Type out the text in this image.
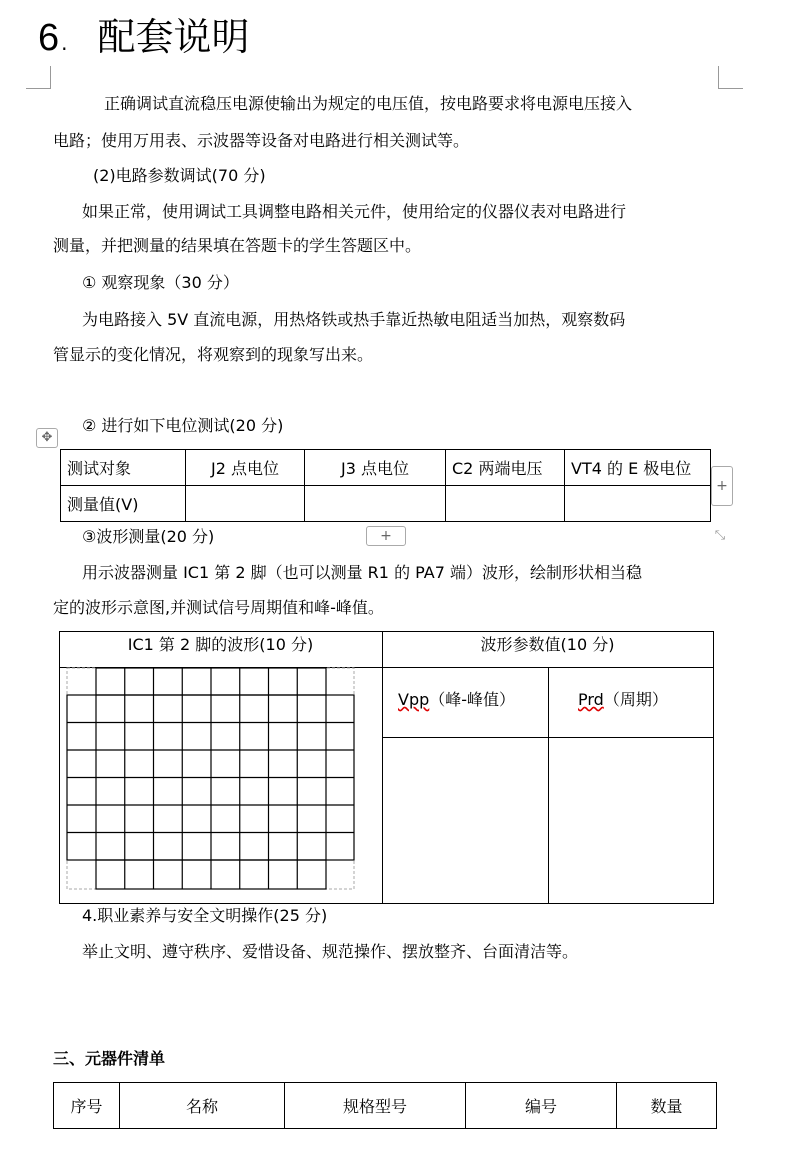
6 . 配套说明
正确调试直流稳压电源使输出为规定的电压值，按电路要求将电源电压接入
电路；使用万用表、示波器等设备对电路进行相关测试等。
(2)电路参数调试(70 分)
如果正常，使用调试工具调整电路相关元件，使用给定的仪器仪表对电路进行
测量，并把测量的结果填在答题卡的学生答题区中。
① 观察现象（30 分）
为电路接入 5V 直流电源，用热烙铁或热手靠近热敏电阻适当加热，观察数码
管显示的变化情况，将观察到的现象写出来。
✥
② 进行如下电位测试(20 分)
测试对象	J2 点电位	J3 点电位	C2 两端电压	VT4 的 E 极电位
测量值(V)				
+
+	⤡
③波形测量(20 分)
用示波器测量 IC1 第 2 脚（也可以测量 R1 的 PA7 端）波形，绘制形状相当稳
定的波形示意图,并测试信号周期值和峰-峰值。
IC1 第 2 脚的波形(10 分)	波形参数值(10 分)
Vpp（峰-峰值）	Prd（周期）
4.职业素养与安全文明操作(25 分)
举止文明、遵守秩序、爱惜设备、规范操作、摆放整齐、台面清洁等。
三、元器件清单
序号	名称	规格型号	编号	数量
